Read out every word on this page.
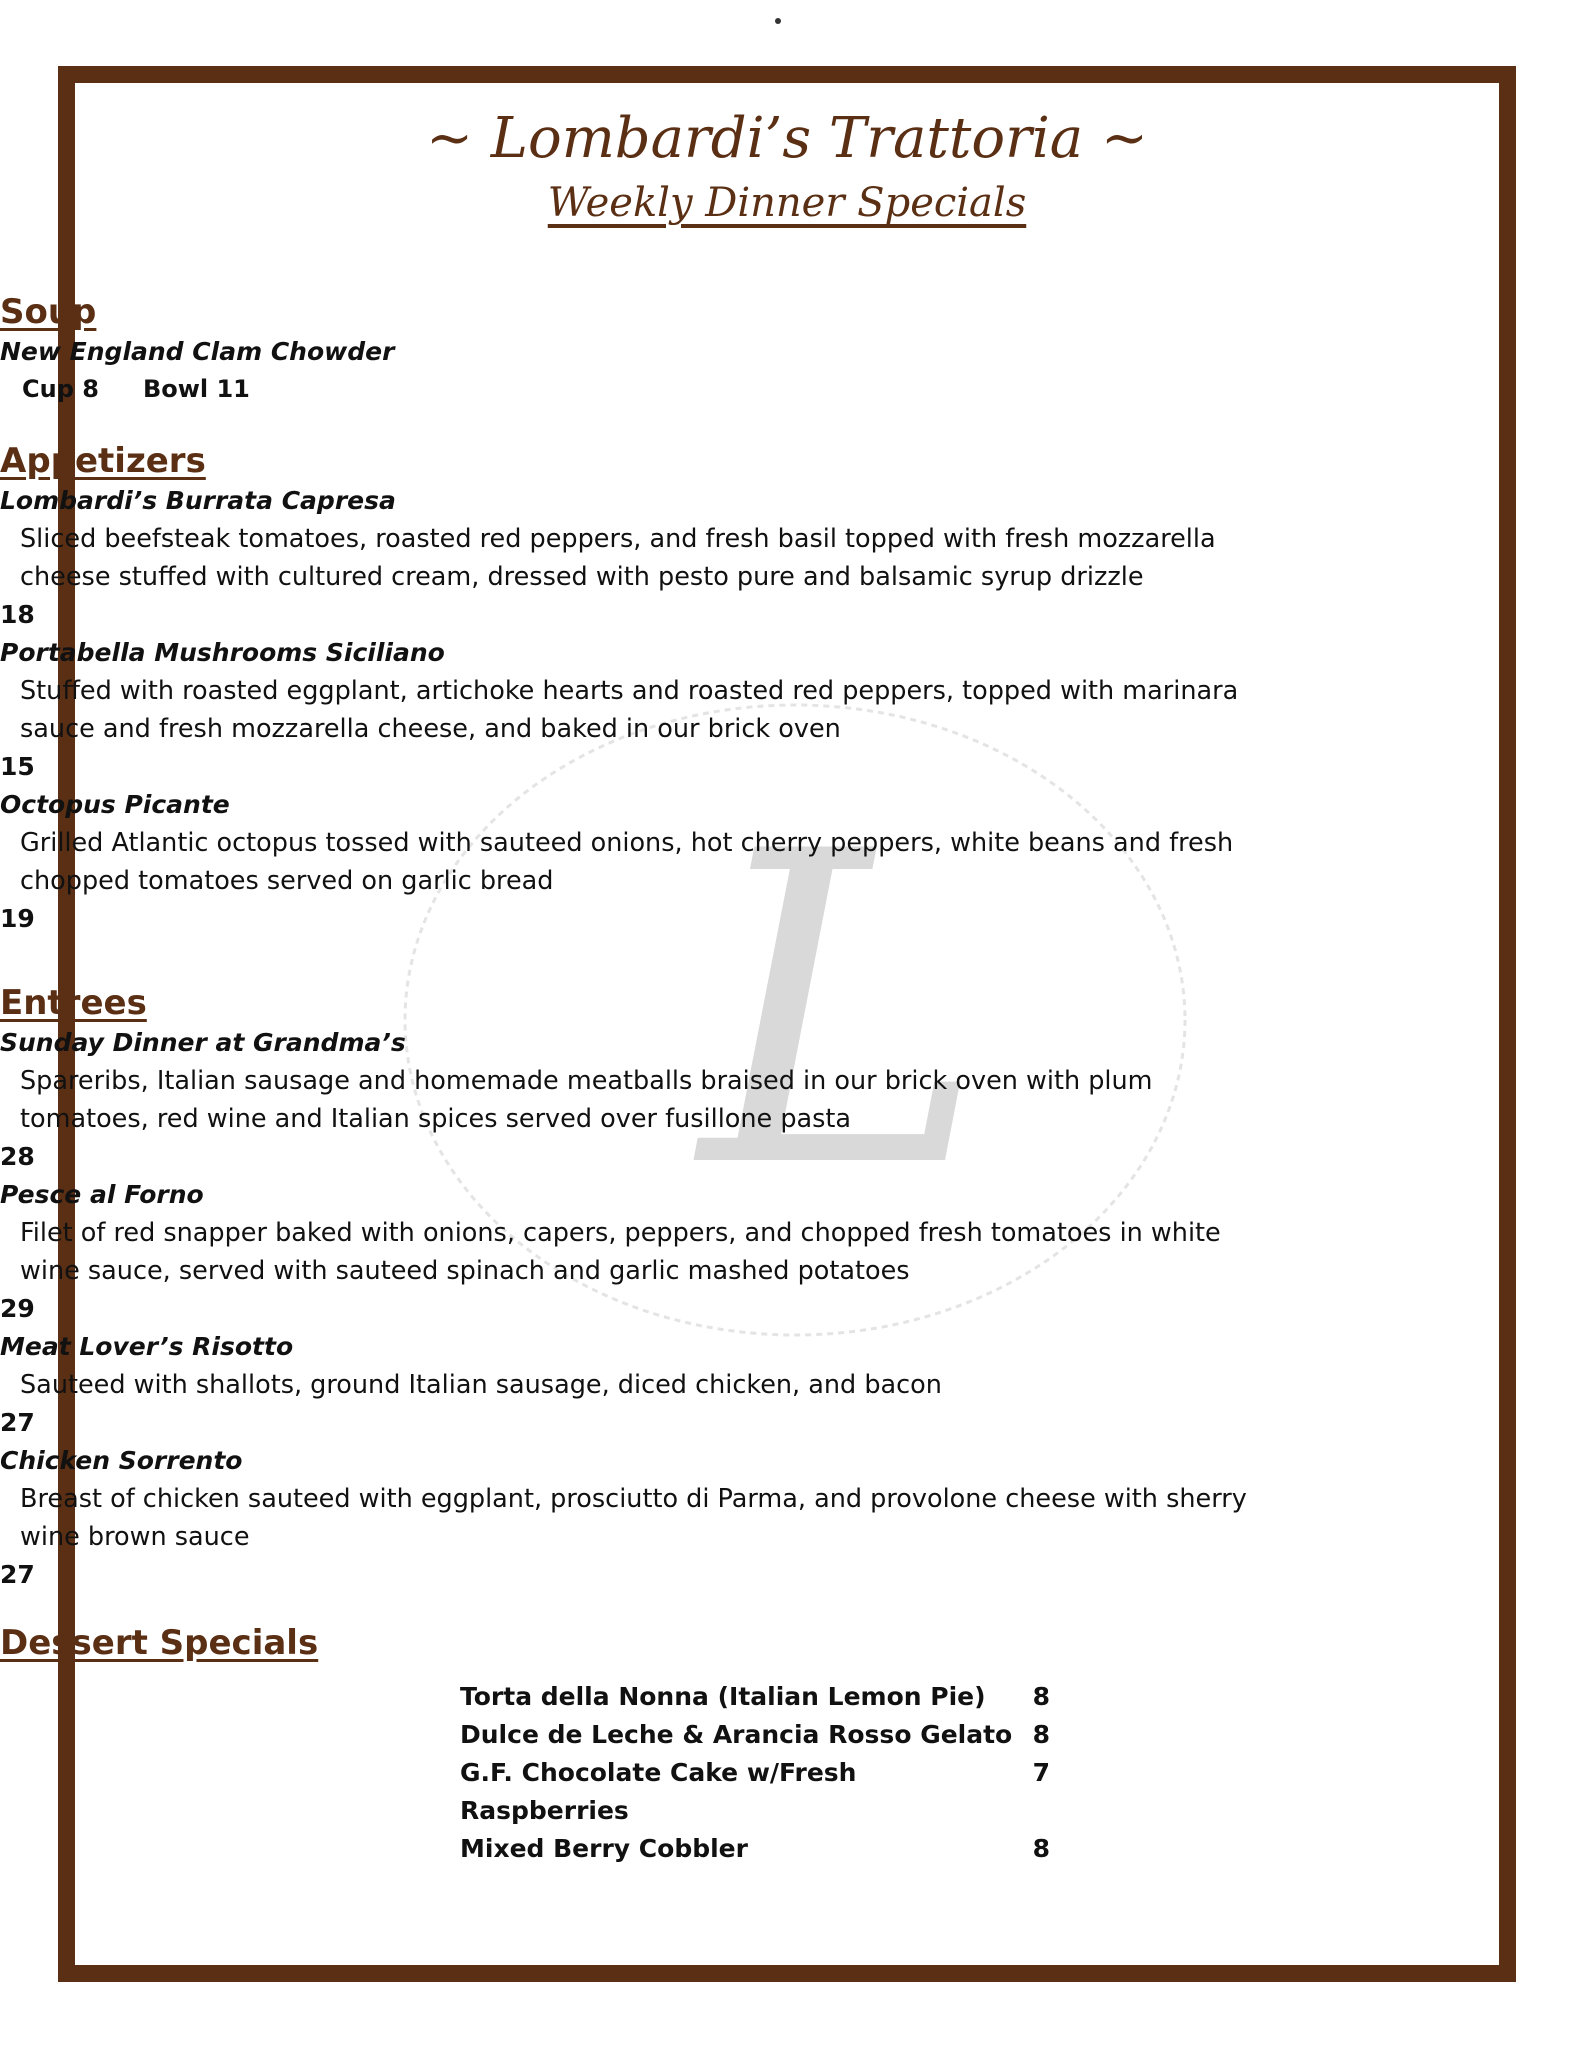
L
~ Lombardi’s Trattoria ~
Weekly Dinner Specials
Soup
New England Clam Chowder
Cup 8 Bowl 11
Appetizers
Lombardi’s Burrata Capresa
Sliced beefsteak tomatoes, roasted red peppers, and fresh basil topped with fresh mozzarella
cheese stuffed with cultured cream, dressed with pesto pure and balsamic syrup drizzle
18
Portabella Mushrooms Siciliano
Stuffed with roasted eggplant, artichoke hearts and roasted red peppers, topped with marinara
sauce and fresh mozzarella cheese, and baked in our brick oven
15
Octopus Picante
Grilled Atlantic octopus tossed with sauteed onions, hot cherry peppers, white beans and fresh
chopped tomatoes served on garlic bread
19
Entrees
Sunday Dinner at Grandma’s
Spareribs, Italian sausage and homemade meatballs braised in our brick oven with plum
tomatoes, red wine and Italian spices served over fusillone pasta
28
Pesce al Forno
Filet of red snapper baked with onions, capers, peppers, and chopped fresh tomatoes in white
wine sauce, served with sauteed spinach and garlic mashed potatoes
29
Meat Lover’s Risotto
Sauteed with shallots, ground Italian sausage, diced chicken, and bacon
27
Chicken Sorrento
Breast of chicken sauteed with eggplant, prosciutto di Parma, and provolone cheese with sherry
wine brown sauce
27
Dessert Specials
Torta della Nonna (Italian Lemon Pie)	8
Dulce de Leche & Arancia Rosso Gelato 8
G.F. Chocolate Cake w/Fresh Raspberries
7
Mixed Berry Cobbler	8
